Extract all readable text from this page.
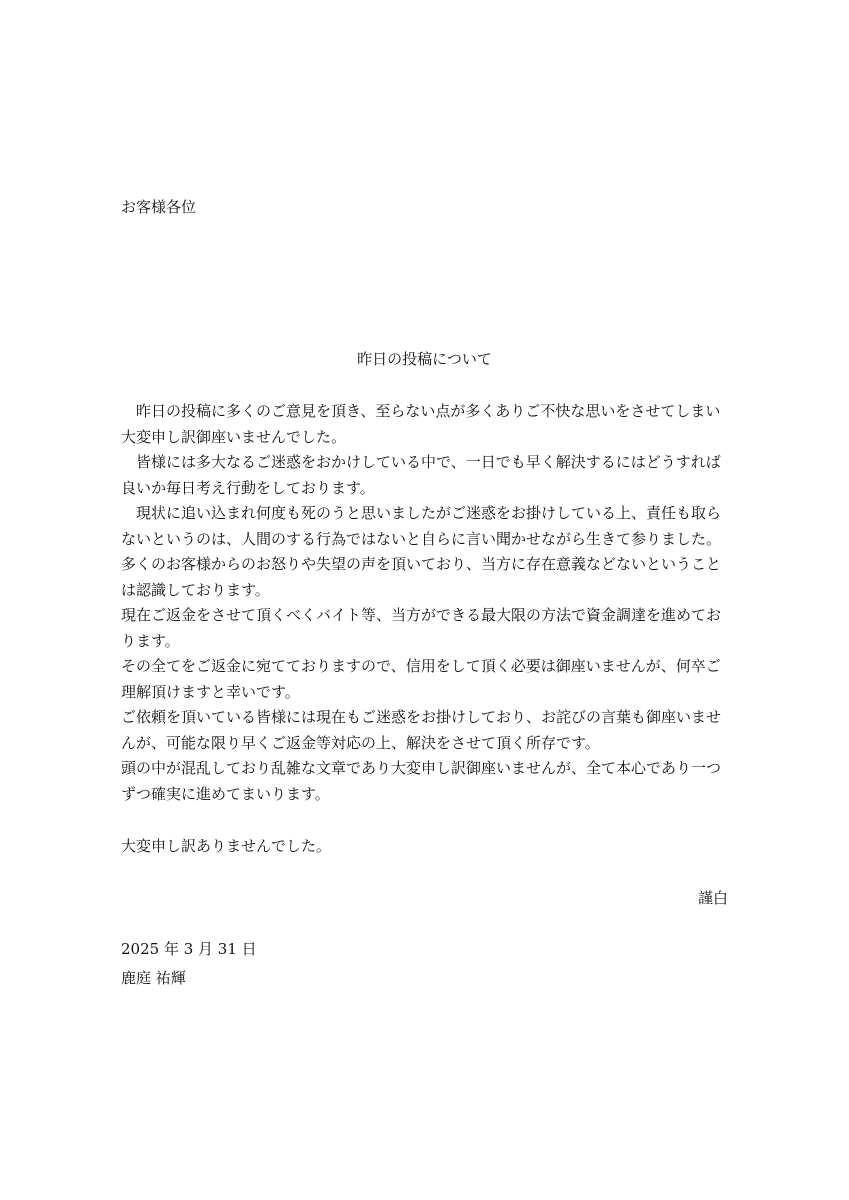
お客様各位

昨日の投稿について
　昨日の投稿に多くのご意見を頂き、至らない点が多くありご不快な思いをさせてしまい
大変申し訳御座いませんでした。
　皆様には多大なるご迷惑をおかけしている中で、一日でも早く解決するにはどうすれば
良いか毎日考え行動をしております。
　現状に追い込まれ何度も死のうと思いましたがご迷惑をお掛けしている上、責任も取ら
ないというのは、人間のする行為ではないと自らに言い聞かせながら生きて参りました。
多くのお客様からのお怒りや失望の声を頂いており、当方に存在意義などないということ
は認識しております。
現在ご返金をさせて頂くべくバイト等、当方ができる最大限の方法で資金調達を進めてお
ります。
その全てをご返金に宛てておりますので、信用をして頂く必要は御座いませんが、何卒ご
理解頂けますと幸いです。
ご依頼を頂いている皆様には現在もご迷惑をお掛けしており、お詫びの言葉も御座いませ
んが、可能な限り早くご返金等対応の上、解決をさせて頂く所存です。
頭の中が混乱しており乱雑な文章であり大変申し訳御座いませんが、全て本心であり一つ
ずつ確実に進めてまいります。

大変申し訳ありませんでした。

謹白

2025 年 3 月 31 日

鹿庭 祐輝
